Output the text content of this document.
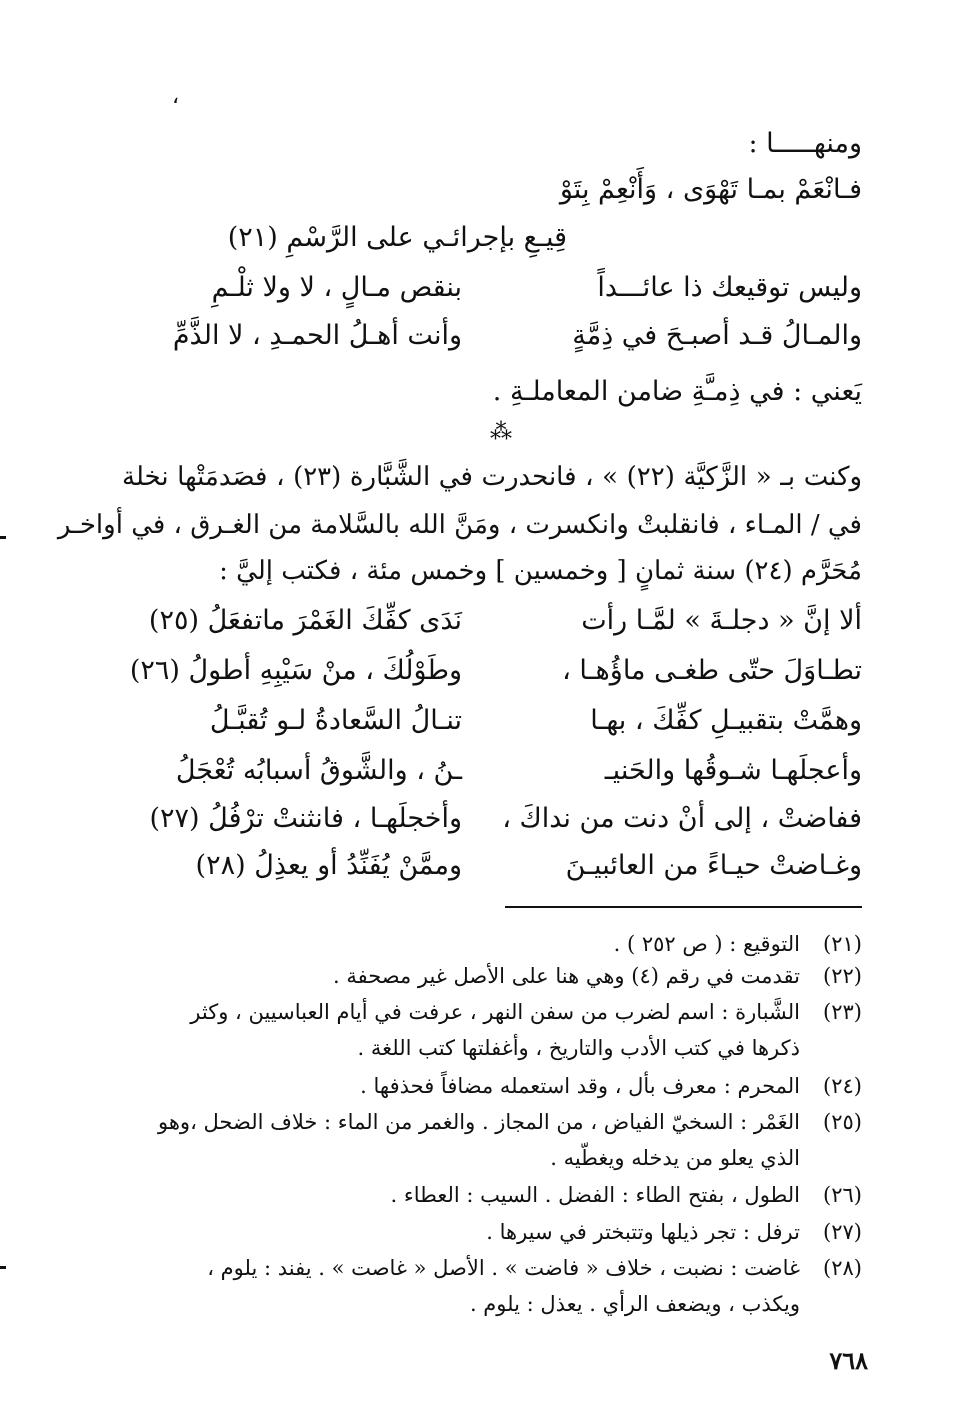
،
ومنهـــــا :
فـانْعَمْ بمـا تَهْوَى ، وَأَنْعِمْ بِتَوْ
قِيـعِ بإجرائـي على الرَّسْمِ (٢١)
وليس توقيعك ذا عائـــداً
بنقص مـالٍ ، لا ولا ثلْـمِ
والمـالُ قـد أصبـحَ في ذِمَّةٍ
وأنت أهـلُ الحمـدِ ، لا الذَّمِّ
يَعني : في ذِمـَّةِ ضامن المعاملـةِ .
⁂
وكنت بـ « الزَّكيَّة (٢٢) » ، فانحدرت في الشَّبَّارة (٢٣) ، فصَدمَتْها نخلة
في / المـاء ، فانقلبتْ وانكسرت ، ومَنَّ الله بالسَّلامة من الغـرق ، في أواخـر
مُحَرَّم (٢٤) سنة ثمانٍ [ وخمسين ] وخمس مئة ، فكتب إليَّ :
ألا إنَّ « دجلـةَ » لمَّـا رأت
نَدَى كفِّكَ الغَمْرَ ماتفعَلُ (٢٥)
تطـاوَلَ حتّى طغـى ماؤُهـا ،
وطَوْلُكَ ، منْ سَيْبِهِ أطولُ (٢٦)
وهمَّتْ بتقبيـلِ كفِّكَ ، بهـا
تنـالُ السَّعادةُ لـو تُقبَّـلُ
وأعجلَهـا شـوقُها والحَنيـ
ـنُ ، والشَّوقُ أسبابُه تُعْجَلُ
ففاضتْ ، إلى أنْ دنت من نداكَ ،
وأخجلَهـا ، فانثنتْ ترْفُلُ (٢٧)
وغـاضتْ حيـاءً من العائبيـنَ
وممَّنْ يُفَنِّدُ أو يعذِلُ (٢٨)
(٢١)
التوقيع : ( ص ٢٥٢ ) .
(٢٢)
تقدمت في رقم (٤) وهي هنا على الأصل غير مصحفة .
(٢٣)
الشَّبارة : اسم لضرب من سفن النهر ، عرفت في أيام العباسيين ، وكثر
ذكرها في كتب الأدب والتاريخ ، وأغفلتها كتب اللغة .
(٢٤)
المحرم : معرف بأل ، وقد استعمله مضافاً فحذفها .
(٢٥)
الغَمْر : السخيّ الفياض ، من المجاز . والغمر من الماء : خلاف الضحل ،وهو
الذي يعلو من يدخله ويغطّيه .
(٢٦)
الطول ، بفتح الطاء : الفضل . السيب : العطاء .
(٢٧)
ترفل : تجر ذيلها وتتبختر في سيرها .
(٢٨)
غاضت : نضبت ، خلاف « فاضت » . الأصل « غاصت » . يفند : يلوم ،
ويكذب ، ويضعف الرأي . يعذل : يلوم .
٧٦٨
